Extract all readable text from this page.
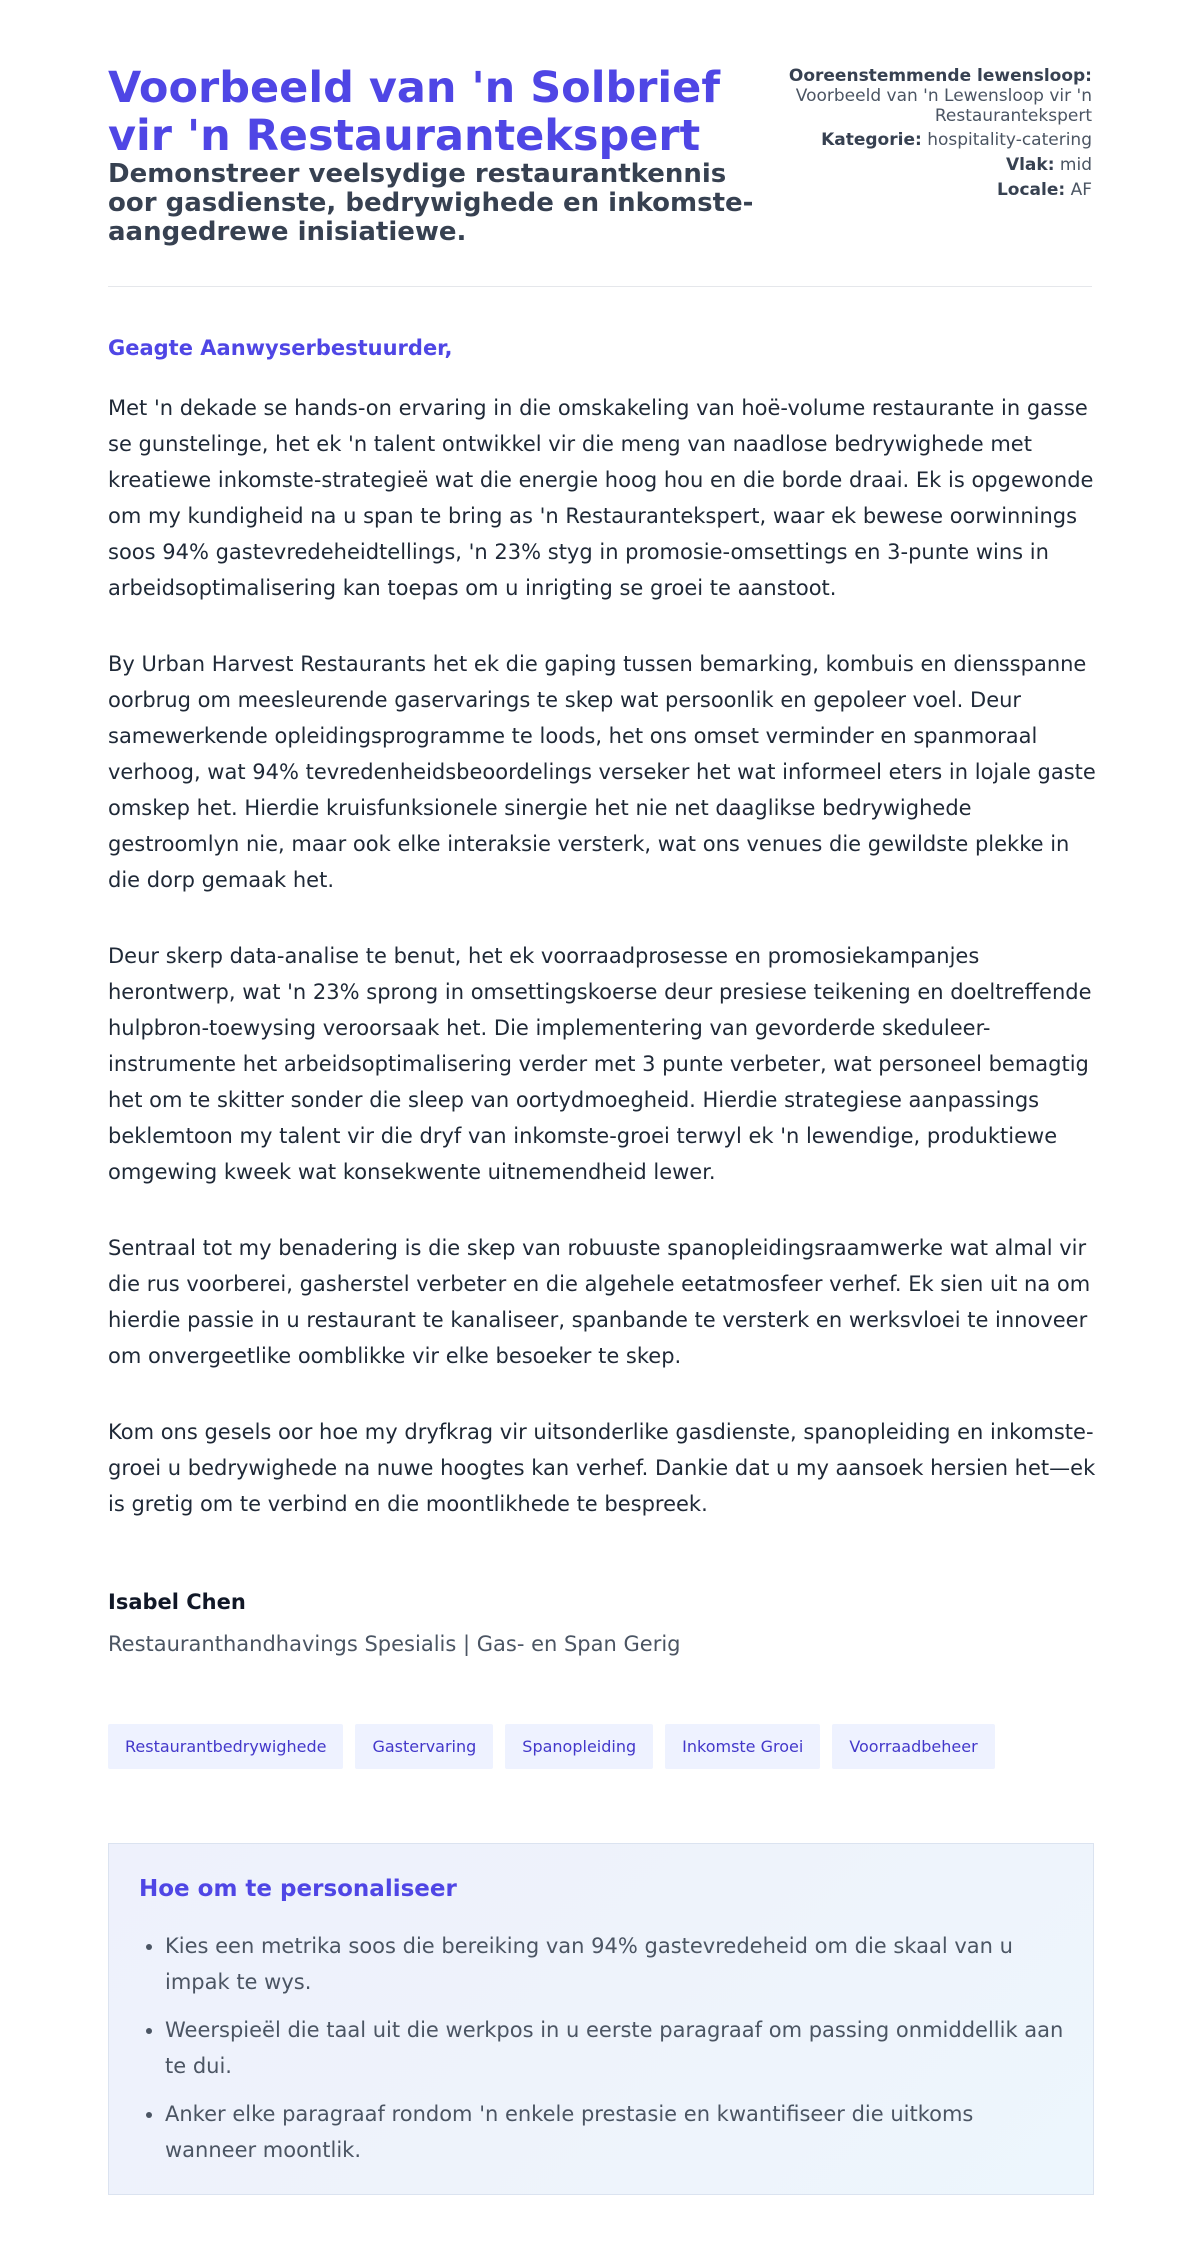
Voorbeeld van 'n Solbrief vir 'n Restaurantekspert

Demonstreer veelsydige restaurantkennis oor gasdienste, bedrywighede en inkomste-aangedrewe inisiatiewe.

Ooreenstemmende lewensloop:
Voorbeeld van 'n Lewensloop vir 'n Restaurantekspert
Kategorie: hospitality-catering
Vlak: mid
Locale: AF
Geagte Aanwyserbestuurder,

Met 'n dekade se hands-on ervaring in die omskakeling van hoë-volume restaurante in gasse se gunstelinge, het ek 'n talent ontwikkel vir die meng van naadlose bedrywighede met kreatiewe inkomste-strategieë wat die energie hoog hou en die borde draai. Ek is opgewonde om my kundigheid na u span te bring as 'n Restaurantekspert, waar ek bewese oorwinnings soos 94% gastevredeheidtellings, 'n 23% styg in promosie-omsettings en 3-punte wins in arbeidsoptimalisering kan toepas om u inrigting se groei te aanstoot.

By Urban Harvest Restaurants het ek die gaping tussen bemarking, kombuis en diensspanne oorbrug om meesleurende gaservarings te skep wat persoonlik en gepoleer voel. Deur samewerkende opleidingsprogramme te loods, het ons omset verminder en spanmoraal verhoog, wat 94% tevredenheidsbeoordelings verseker het wat informeel eters in lojale gaste omskep het. Hierdie kruisfunksionele sinergie het nie net daaglikse bedrywighede gestroomlyn nie, maar ook elke interaksie versterk, wat ons venues die gewildste plekke in die dorp gemaak het.

Deur skerp data-analise te benut, het ek voorraadprosesse en promosiekampanjes herontwerp, wat 'n 23% sprong in omsettingskoerse deur presiese teikening en doeltreffende hulpbron-toewysing veroorsaak het. Die implementering van gevorderde skeduleer-instrumente het arbeidsoptimalisering verder met 3 punte verbeter, wat personeel bemagtig het om te skitter sonder die sleep van oortydmoegheid. Hierdie strategiese aanpassings beklemtoon my talent vir die dryf van inkomste-groei terwyl ek 'n lewendige, produktiewe omgewing kweek wat konsekwente uitnemendheid lewer.

Sentraal tot my benadering is die skep van robuuste spanopleidingsraamwerke wat almal vir die rus voorberei, gasherstel verbeter en die algehele eetatmosfeer verhef. Ek sien uit na om hierdie passie in u restaurant te kanaliseer, spanbande te versterk en werksvloei te innoveer om onvergeetlike oomblikke vir elke besoeker te skep.

Kom ons gesels oor hoe my dryfkrag vir uitsonderlike gasdienste, spanopleiding en inkomste-groei u bedrywighede na nuwe hoogtes kan verhef. Dankie dat u my aansoek hersien het—ek is gretig om te verbind en die moontlikhede te bespreek.

Isabel Chen
Restauranthandhavings Spesialis | Gas- en Span Gerig
Restaurantbedrywighede	Gastervaring	Spanopleiding	Inkomste Groei	Voorraadbeheer
Hoe om te personaliseer
• Kies een metrika soos die bereiking van 94% gastevredeheid om die skaal van u impak te wys.
• Weerspieël die taal uit die werkpos in u eerste paragraaf om passing onmiddellik aan te dui.
• Anker elke paragraaf rondom 'n enkele prestasie en kwantifiseer die uitkoms wanneer moontlik.
